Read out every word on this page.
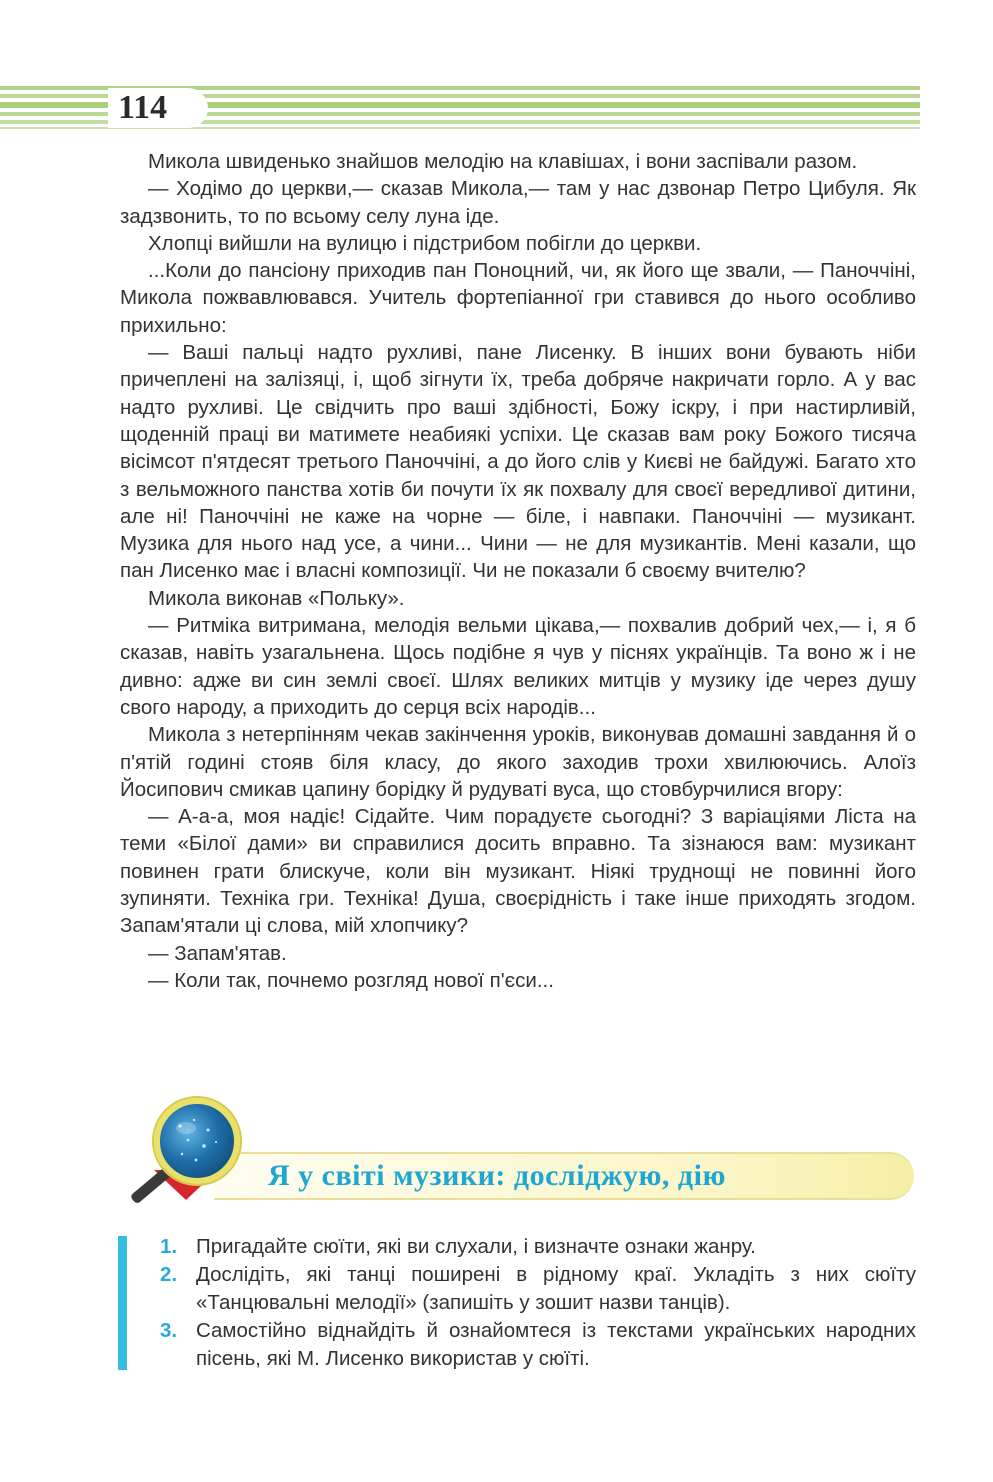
114

Микола швиденько знайшов мелодію на клавішах, і вони заспівали разом.

— Ходімо до церкви,— сказав Микола,— там у нас дзвонар Петро Цибуля. Як задзвонить, то по всьому селу луна іде.

Хлопці вийшли на вулицю і підстрибом побігли до церкви.

...Коли до пансіону приходив пан Поноцний, чи, як його ще звали, — Паноччіні, Микола пожвавлювався. Учитель фортепіанної гри ставився до нього особливо прихильно:

— Ваші пальці надто рухливі, пане Лисенку. В інших вони бувають ніби причеплені на залізяці, і, щоб зігнути їх, треба добряче накричати горло. А у вас надто рухливі. Це свідчить про ваші здібності, Божу іскру, і при настирливій, щоденній праці ви матимете неабиякі успіхи. Це сказав вам року Божого тисяча вісімсот п'ятдесят третього Паноччіні, а до його слів у Києві не байдужі. Багато хто з вельможного панства хотів би почути їх як похвалу для своєї вередливої дитини, але ні! Паноччіні не каже на чорне — біле, і навпаки. Паноччіні — музикант. Музика для нього над усе, а чини... Чини — не для музикантів. Мені казали, що пан Лисенко має і власні композиції. Чи не показали б своєму вчителю?

Микола виконав «Польку».

— Ритміка витримана, мелодія вельми цікава,— похвалив добрий чех,— і, я б сказав, навіть узагальнена. Щось подібне я чув у піснях українців. Та воно ж і не дивно: адже ви син землі своєї. Шлях великих митців у музику іде через душу свого народу, а приходить до серця всіх народів...

Микола з нетерпінням чекав закінчення уроків, виконував домашні завдання й о п'ятій годині стояв біля класу, до якого заходив трохи хвилюючись. Алоїз Йосипович смикав цапину борідку й рудуваті вуса, що стовбурчилися вгору:

— А-а-а, моя надіє! Сідайте. Чим порадуєте сьогодні? З варіаціями Ліста на теми «Білої дами» ви справилися досить вправно. Та зізнаюся вам: музикант повинен грати блискуче, коли він музикант. Ніякі труднощі не повинні його зупиняти. Техніка гри. Техніка! Душа, своєрідність і таке інше приходять згодом. Запам'ятали ці слова, мій хлопчику?

— Запам'ятав.

— Коли так, почнемо розгляд нової п'єси...

Я у світі музики: досліджую, дію
1. Пригадайте сюїти, які ви слухали, і визначте ознаки жанру.
2. Дослідіть, які танці поширені в рідному краї. Укладіть з них сюїту «Танцювальні мелодії» (запишіть у зошит назви танців).
3. Самостійно віднайдіть й ознайомтеся із текстами українських народних пісень, які М. Лисенко використав у сюїті.
